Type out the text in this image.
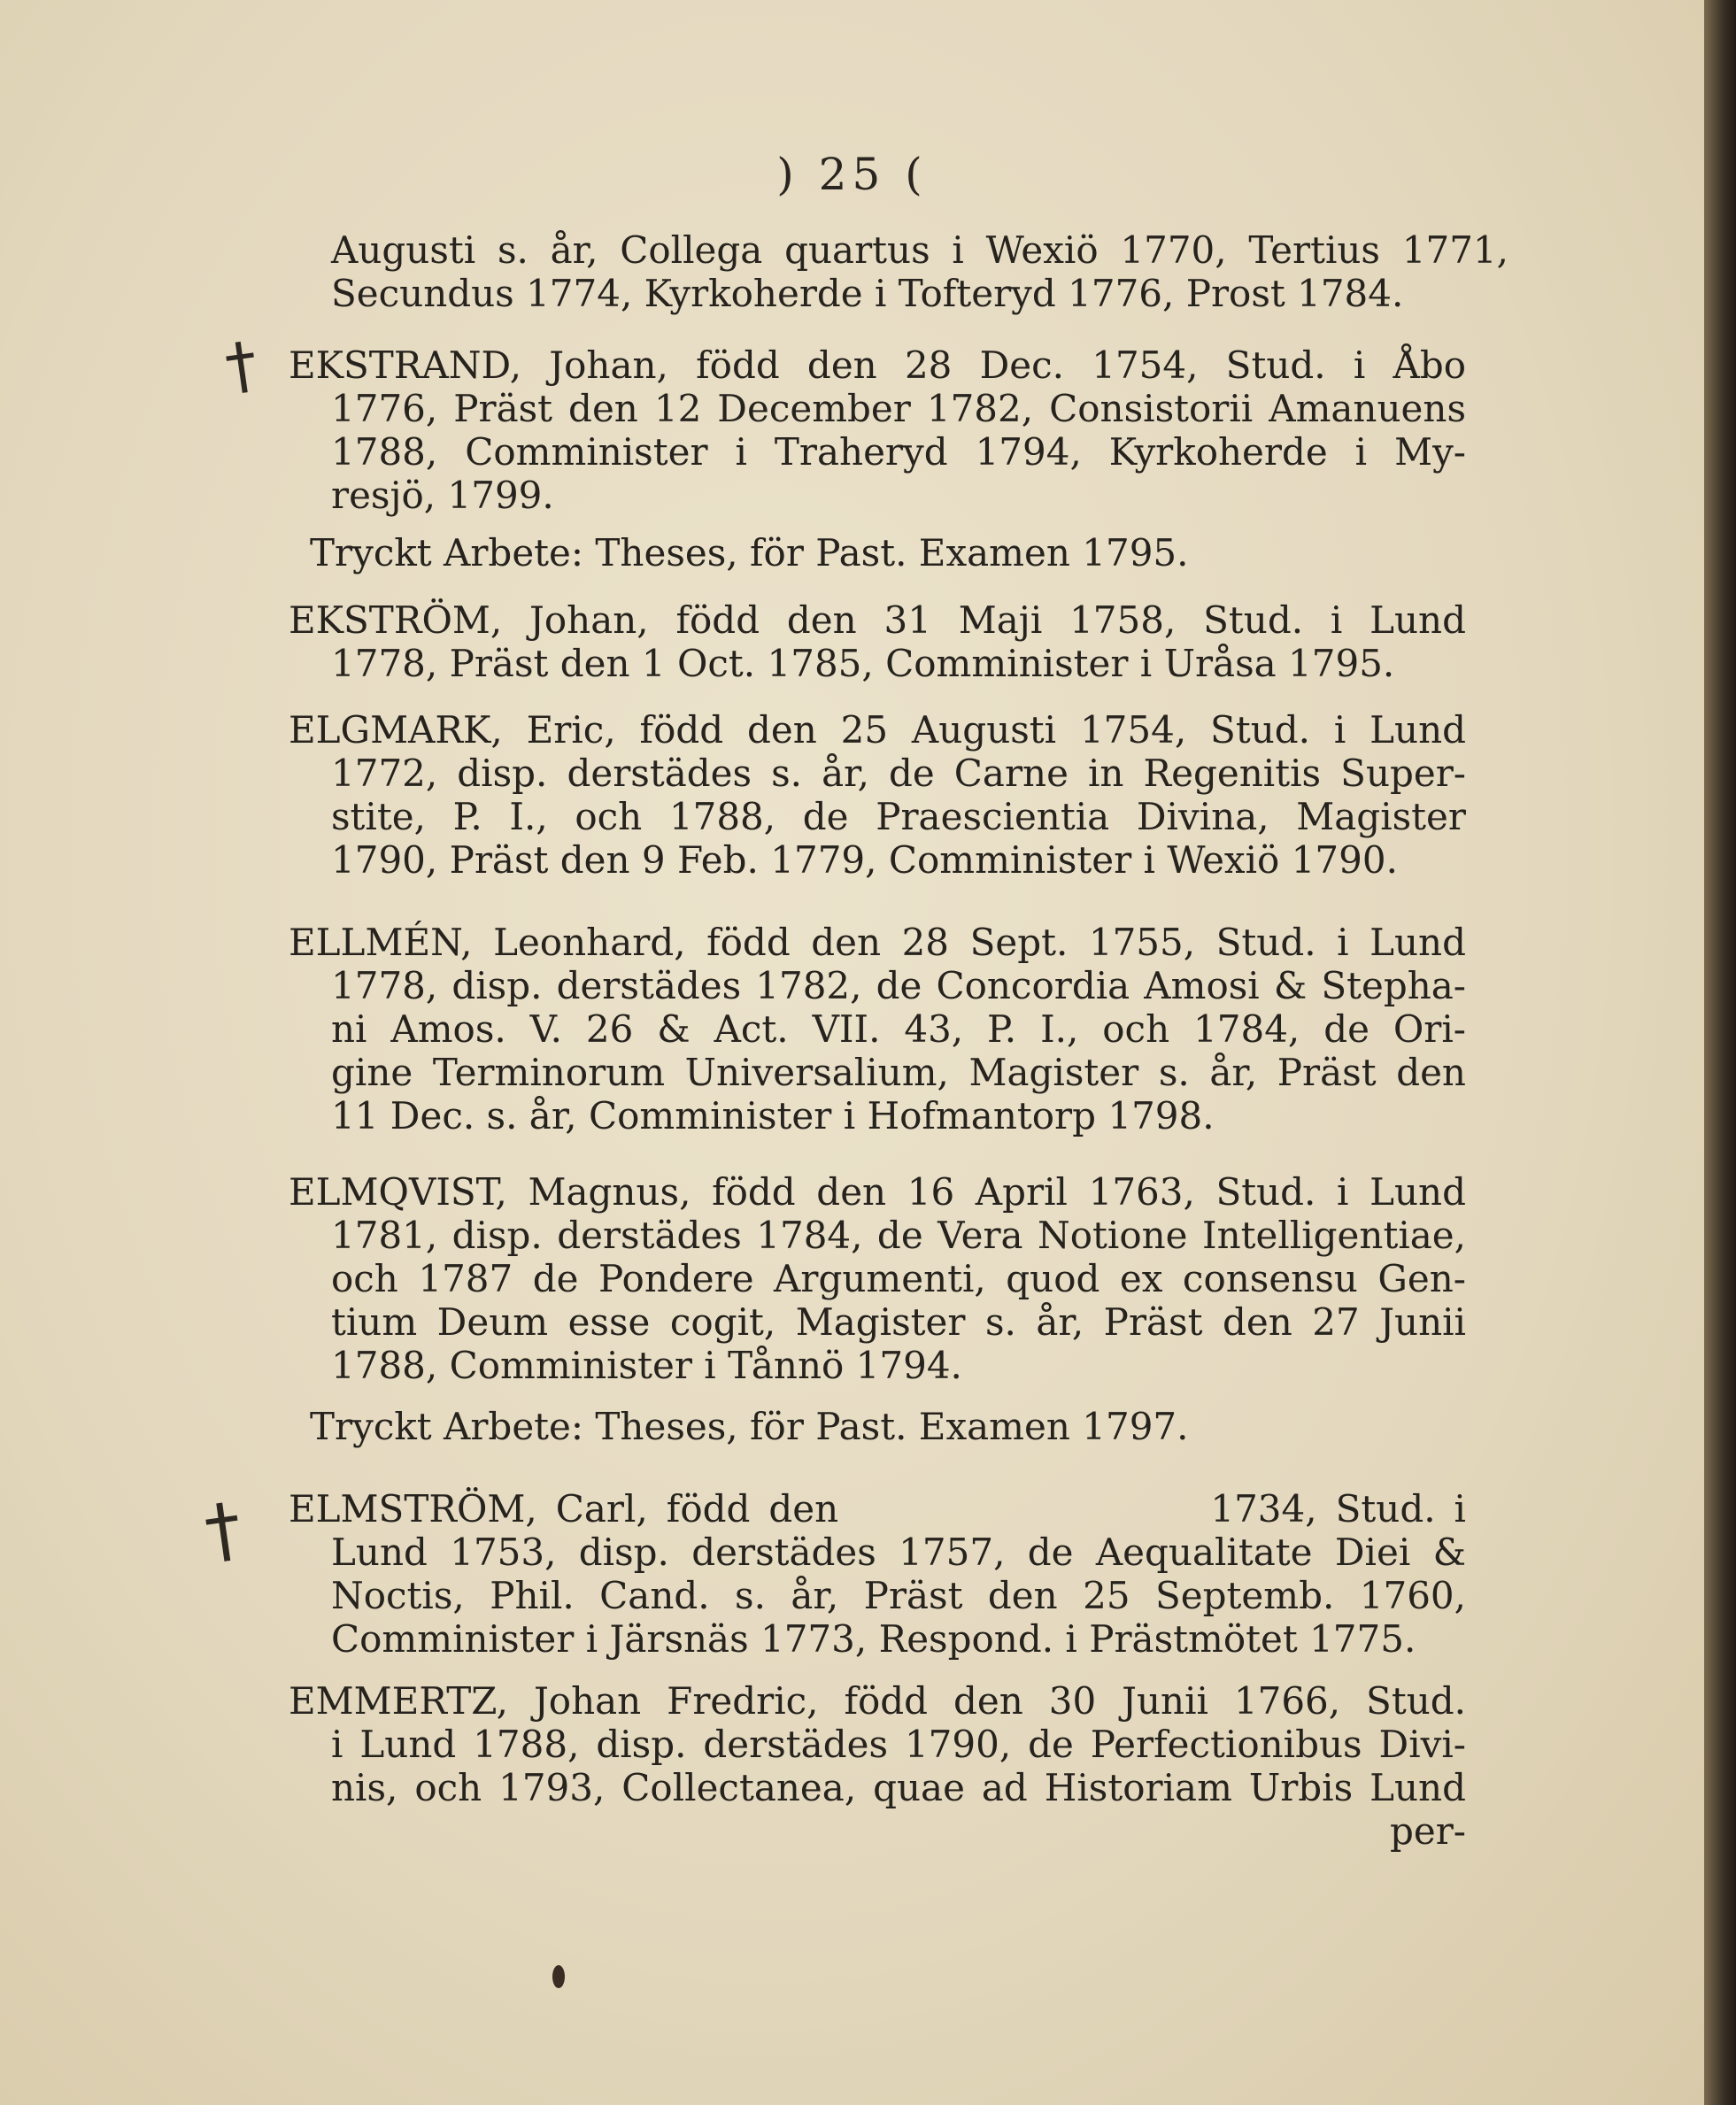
) 25 (
†
†
Augusti s. år, Collega quartus i Wexiö 1770, Tertius 1771,
Secundus 1774, Kyrkoherde i Tofteryd 1776, Prost 1784.
EKSTRAND, Johan, född den 28 Dec. 1754, Stud. i Åbo
1776, Präst den 12 December 1782, Consistorii Amanuens
1788, Comminister i Traheryd 1794, Kyrkoherde i My-
resjö, 1799.
Tryckt Arbete: Theses, för Past. Examen 1795.
EKSTRÖM, Johan, född den 31 Maji 1758, Stud. i Lund
1778, Präst den 1 Oct. 1785, Comminister i Uråsa 1795.
ELGMARK, Eric, född den 25 Augusti 1754, Stud. i Lund
1772, disp. derstädes s. år, de Carne in Regenitis Super-
stite, P. I., och 1788, de Praescientia Divina, Magister
1790, Präst den 9 Feb. 1779, Comminister i Wexiö 1790.
ELLMÉN, Leonhard, född den 28 Sept. 1755, Stud. i Lund
1778, disp. derstädes 1782, de Concordia Amosi & Stepha-
ni Amos. V. 26 & Act. VII. 43, P. I., och 1784, de Ori-
gine Terminorum Universalium, Magister s. år, Präst den
11 Dec. s. år, Comminister i Hofmantorp 1798.
ELMQVIST, Magnus, född den 16 April 1763, Stud. i Lund
1781, disp. derstädes 1784, de Vera Notione Intelligentiae,
och 1787 de Pondere Argumenti, quod ex consensu Gen-
tium Deum esse cogit, Magister s. år, Präst den 27 Junii
1788, Comminister i Tånnö 1794.
Tryckt Arbete: Theses, för Past. Examen 1797.
ELMSTRÖM, Carl, född den                    1734, Stud. i
Lund 1753, disp. derstädes 1757, de Aequalitate Diei &
Noctis, Phil. Cand. s. år, Präst den 25 Septemb. 1760,
Comminister i Järsnäs 1773, Respond. i Prästmötet 1775.
EMMERTZ, Johan Fredric, född den 30 Junii 1766, Stud.
i Lund 1788, disp. derstädes 1790, de Perfectionibus Divi-
nis, och 1793, Collectanea, quae ad Historiam Urbis Lund
per-
